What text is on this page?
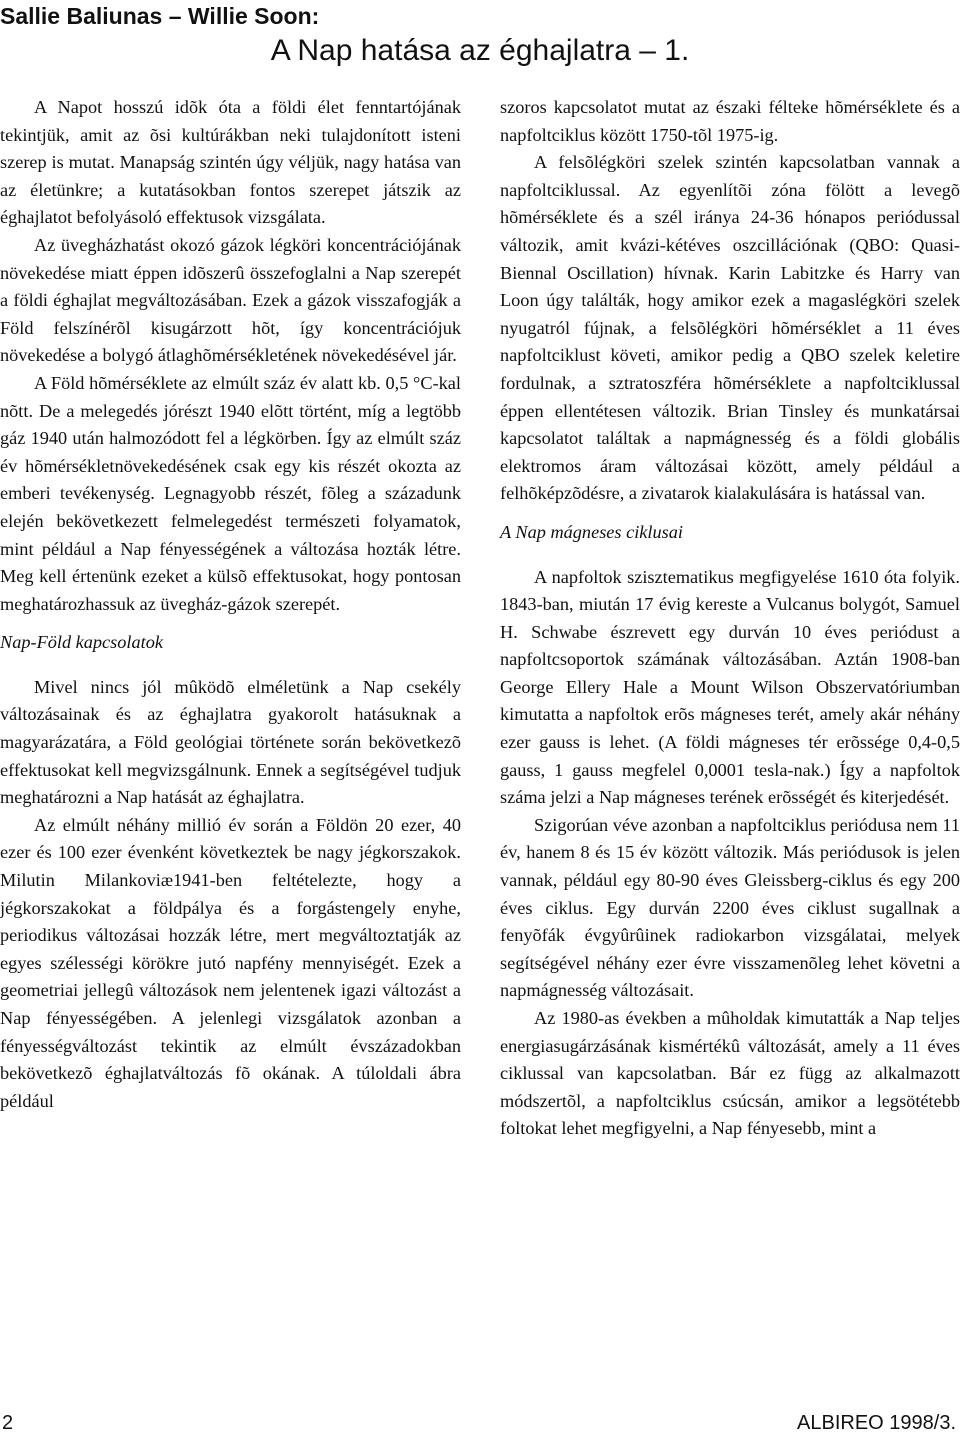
Sallie Baliunas – Willie Soon:
A Nap hatása az éghajlatra – 1.

A Napot hosszú idõk óta a földi élet fenntartójának tekintjük, amit az õsi kultúrákban neki tulajdonított isteni szerep is mutat. Manapság szintén úgy véljük, nagy hatása van az életünkre; a kutatásokban fontos szerepet játszik az éghajlatot befolyásoló effektusok vizsgálata.

Az üvegházhatást okozó gázok légköri koncentrációjának növekedése miatt éppen idõszerû összefoglalni a Nap szerepét a földi éghajlat megváltozásában. Ezek a gázok visszafogják a Föld felszínérõl kisugárzott hõt, így koncentrációjuk növekedése a bolygó átlaghõmérsékletének növekedésével jár.

A Föld hõmérséklete az elmúlt száz év alatt kb. 0,5 °C-kal nõtt. De a melegedés jórészt 1940 elõtt történt, míg a legtöbb gáz 1940 után halmozódott fel a légkörben. Így az elmúlt száz év hõmérsékletnövekedésének csak egy kis részét okozta az emberi tevékenység. Legnagyobb részét, fõleg a századunk elején bekövetkezett felmelegedést természeti folyamatok, mint például a Nap fényességének a változása hozták létre. Meg kell értenünk ezeket a külsõ effektusokat, hogy pontosan meghatározhassuk az üvegház-gázok szerepét.

Nap-Föld kapcsolatok

Mivel nincs jól mûködõ elméletünk a Nap csekély változásainak és az éghajlatra gyakorolt hatásuknak a magyarázatára, a Föld geológiai története során bekövetkezõ effektusokat kell megvizsgálnunk. Ennek a segítségével tudjuk meghatározni a Nap hatását az éghajlatra.

Az elmúlt néhány millió év során a Földön 20 ezer, 40 ezer és 100 ezer évenként következtek be nagy jégkorszakok. Milutin Milankoviæ1941-ben feltételezte, hogy a jégkorszakokat a földpálya és a forgástengely enyhe, periodikus változásai hozzák létre, mert megváltoztatják az egyes szélességi körökre jutó napfény mennyiségét. Ezek a geometriai jellegû változások nem jelentenek igazi változást a Nap fényességében. A jelenlegi vizsgálatok azonban a fényességváltozást tekintik az elmúlt évszázadokban bekövetkezõ éghajlatváltozás fõ okának. A túloldali ábra például

szoros kapcsolatot mutat az északi félteke hõmérséklete és a napfoltciklus között 1750-tõl 1975-ig.

A felsõlégköri szelek szintén kapcsolatban vannak a napfoltciklussal. Az egyenlítõi zóna fölött a levegõ hõmérséklete és a szél iránya 24-36 hónapos periódussal változik, amit kvázi-kétéves oszcillációnak (QBO: Quasi-Biennal Oscillation) hívnak. Karin Labitzke és Harry van Loon úgy találták, hogy amikor ezek a magaslégköri szelek nyugatról fújnak, a felsõlégköri hõmérséklet a 11 éves napfoltciklust követi, amikor pedig a QBO szelek keletire fordulnak, a sztratoszféra hõmérséklete a napfoltciklussal éppen ellentétesen változik. Brian Tinsley és munkatársai kapcsolatot találtak a napmágnesség és a földi globális elektromos áram változásai között, amely például a felhõképzõdésre, a zivatarok kialakulására is hatással van.

A Nap mágneses ciklusai

A napfoltok szisztematikus megfigyelése 1610 óta folyik. 1843-ban, miután 17 évig kereste a Vulcanus bolygót, Samuel H. Schwabe észrevett egy durván 10 éves periódust a napfoltcsoportok számának változásában. Aztán 1908-ban George Ellery Hale a Mount Wilson Obszervatóriumban kimutatta a napfoltok erõs mágneses terét, amely akár néhány ezer gauss is lehet. (A földi mágneses tér erõssége 0,4-0,5 gauss, 1 gauss megfelel 0,0001 tesla-nak.) Így a napfoltok száma jelzi a Nap mágneses terének erõsségét és kiterjedését.

Szigorúan véve azonban a napfoltciklus periódusa nem 11 év, hanem 8 és 15 év között változik. Más periódusok is jelen vannak, például egy 80-90 éves Gleissberg-ciklus és egy 200 éves ciklus. Egy durván 2200 éves ciklust sugallnak a fenyõfák évgyûrûinek radiokarbon vizsgálatai, melyek segítségével néhány ezer évre visszamenõleg lehet követni a napmágnesség változásait.

Az 1980-as években a mûholdak kimutatták a Nap teljes energiasugárzásának kismértékû változását, amely a 11 éves ciklussal van kapcsolatban. Bár ez függ az alkalmazott módszertõl, a napfoltciklus csúcsán, amikor a legsötétebb foltokat lehet megfigyelni, a Nap fényesebb, mint a

2	ALBIREO 1998/3.
